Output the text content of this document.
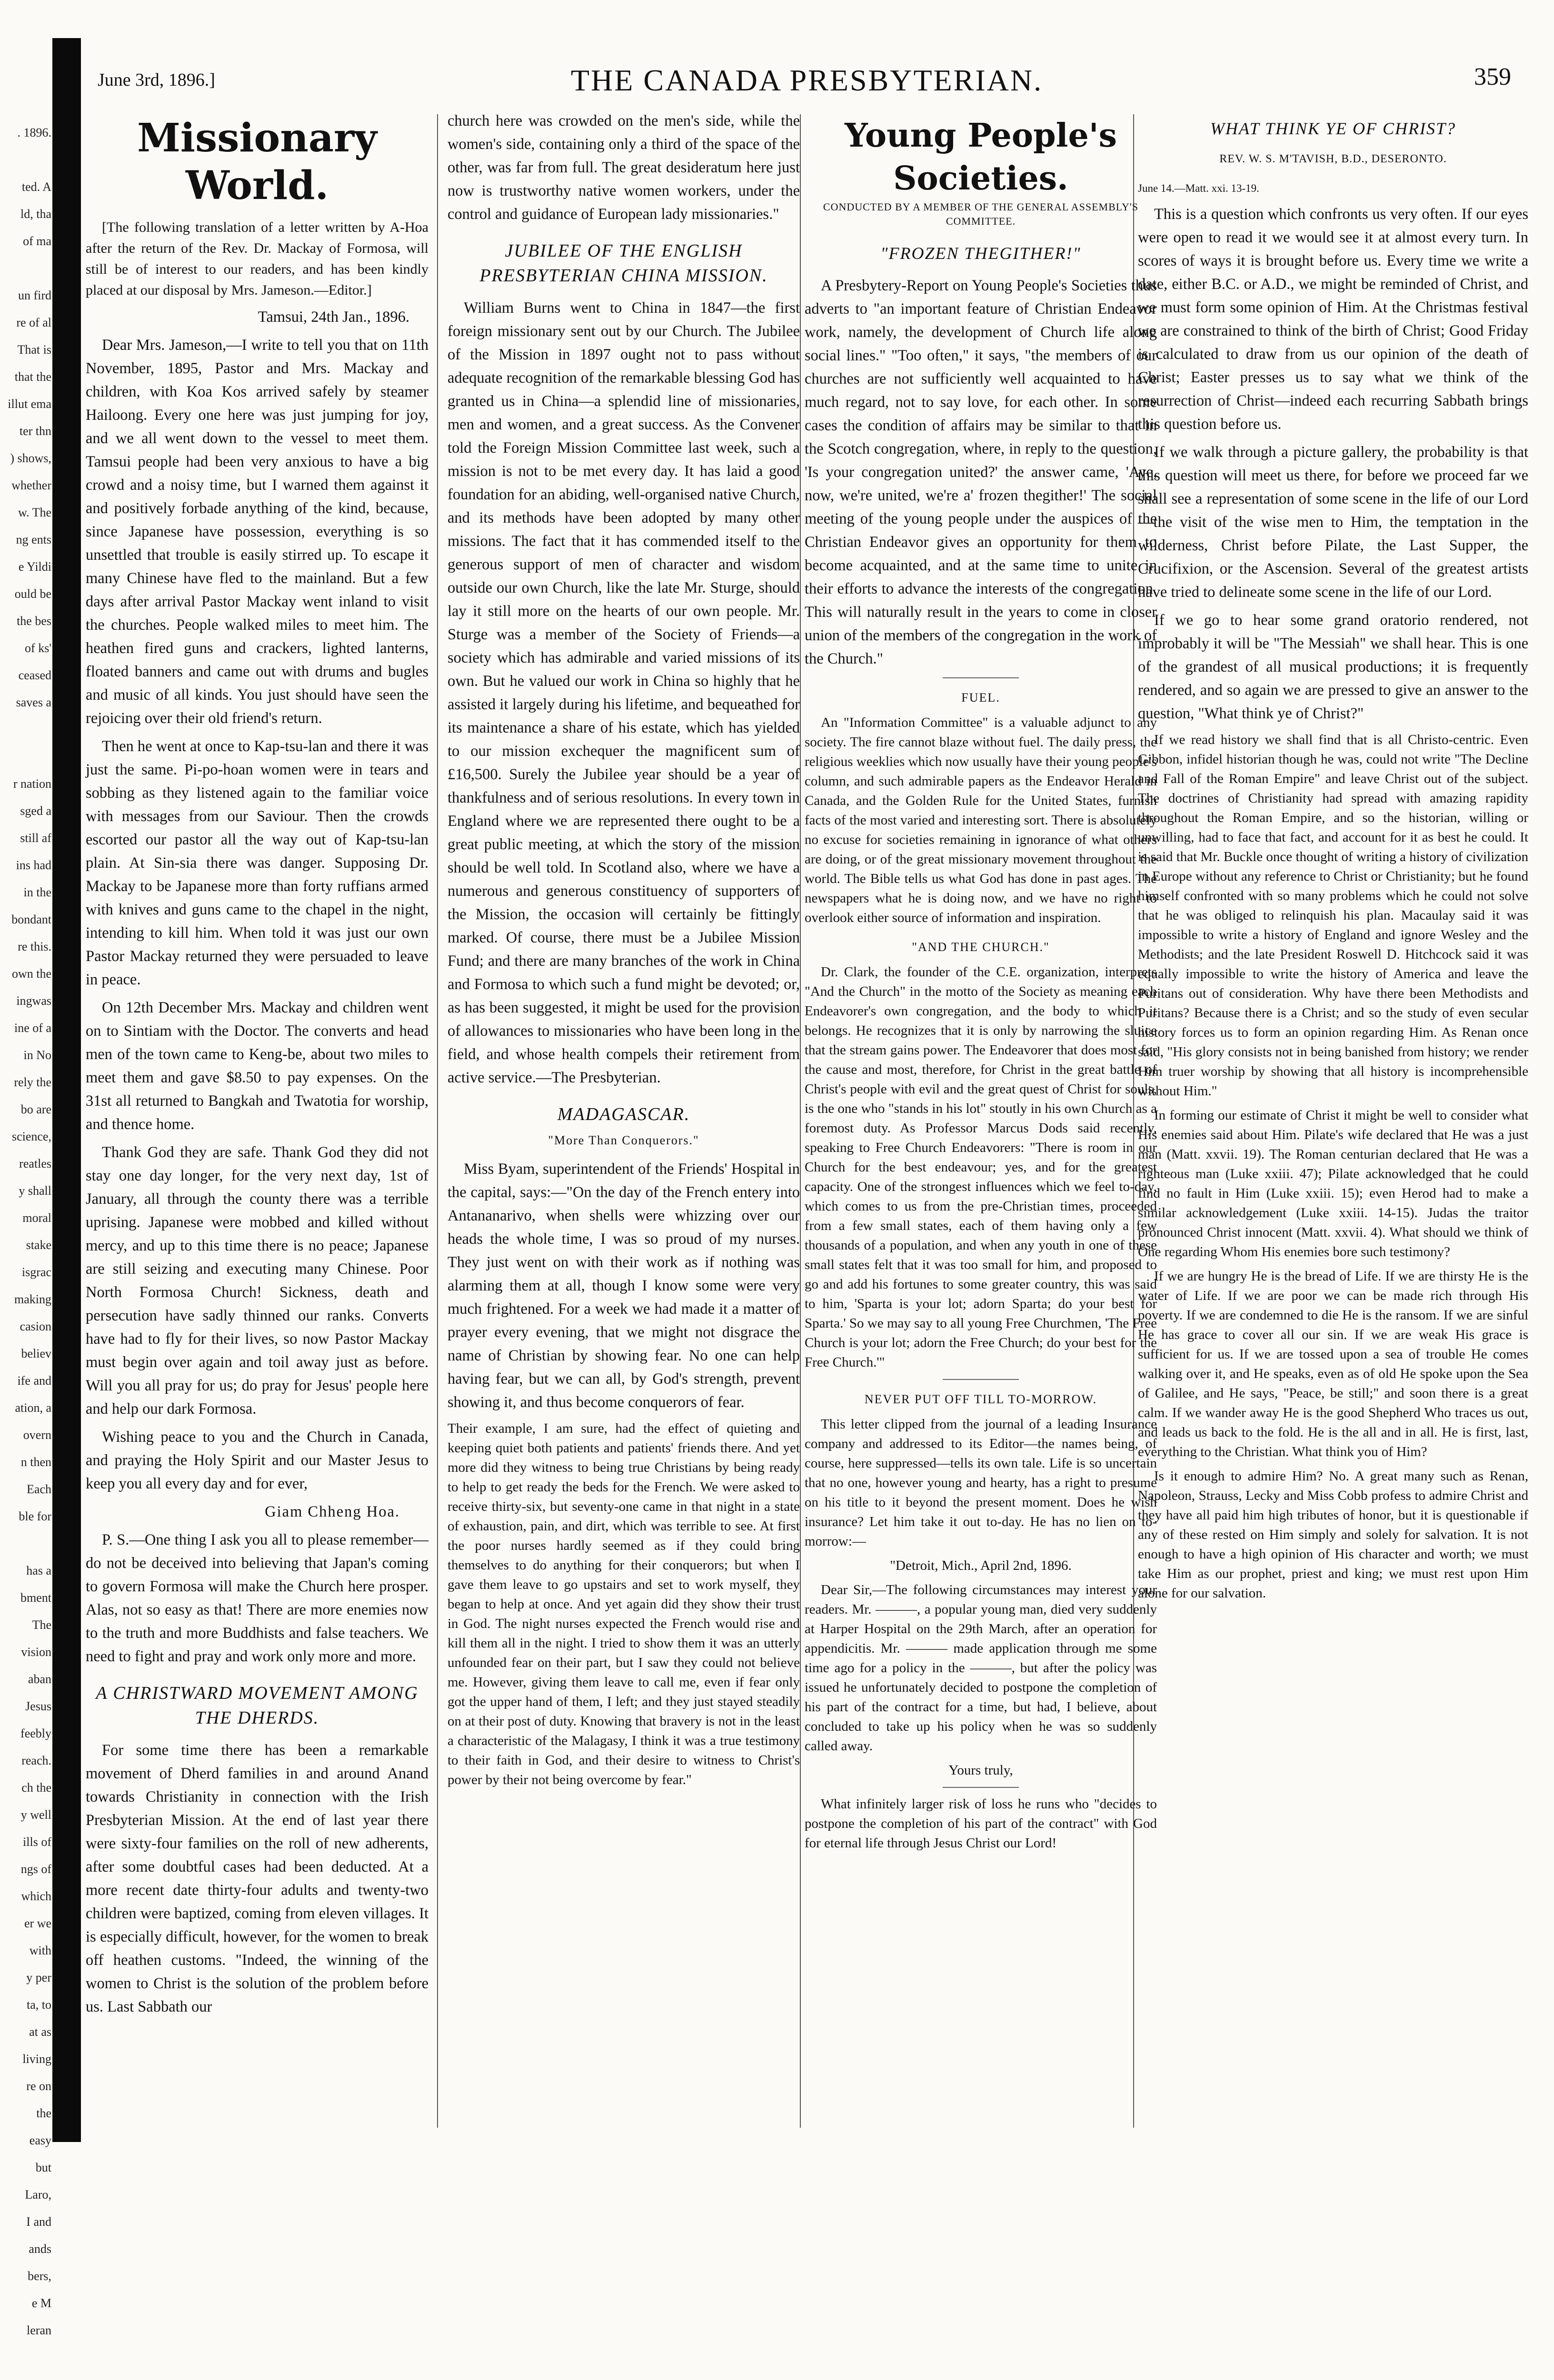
. 1896.

ted. A
ld, tha
of ma

un fird
re of al
That is
that the
illut ema
ter thn
) shows,
whether
w. The
ng ents
e Yildi
ould be
the bes
of ks'
ceased
saves a

r nation
sged a
still af
ins had
in the
bondant
re this.
own the
ingwas
ine of a
in No
rely the
bo are
science,
reatles
y shall
moral
stake
isgrac
making
casion
believ
ife and
ation, a
overn
n then
Each
ble for

has a
bment
The
vision
aban
Jesus
feebly
reach.
ch the
y well
ills of
ngs of
which
er we
with
y per
ta, to
at as
living
re on
the
easy
but
Laro,
I and
ands
bers,
e M
leran

June 3rd, 1896.]	THE CANADA PRESBYTERIAN.	359
Missionary World.

[The following translation of a letter written by A-Hoa after the return of the Rev. Dr. Mackay of Formosa, will still be of interest to our readers, and has been kindly placed at our disposal by Mrs. Jameson.—Editor.]

Tamsui, 24th Jan., 1896.

Dear Mrs. Jameson,—I write to tell you that on 11th November, 1895, Pastor and Mrs. Mackay and children, with Koa Kos arrived safely by steamer Hailoong. Every one here was just jumping for joy, and we all went down to the vessel to meet them. Tamsui people had been very anxious to have a big crowd and a noisy time, but I warned them against it and positively forbade anything of the kind, because, since Japanese have possession, everything is so unsettled that trouble is easily stirred up. To escape it many Chinese have fled to the mainland. But a few days after arrival Pastor Mackay went inland to visit the churches. People walked miles to meet him. The heathen fired guns and crackers, lighted lanterns, floated banners and came out with drums and bugles and music of all kinds. You just should have seen the rejoicing over their old friend's return.

Then he went at once to Kap-tsu-lan and there it was just the same. Pi-po-hoan women were in tears and sobbing as they listened again to the familiar voice with messages from our Saviour. Then the crowds escorted our pastor all the way out of Kap-tsu-lan plain. At Sin-sia there was danger. Supposing Dr. Mackay to be Japanese more than forty ruffians armed with knives and guns came to the chapel in the night, intending to kill him. When told it was just our own Pastor Mackay returned they were persuaded to leave in peace.

On 12th December Mrs. Mackay and children went on to Sintiam with the Doctor. The converts and head men of the town came to Keng-be, about two miles to meet them and gave $8.50 to pay expenses. On the 31st all returned to Bangkah and Twatotia for worship, and thence home.

Thank God they are safe. Thank God they did not stay one day longer, for the very next day, 1st of January, all through the county there was a terrible uprising. Japanese were mobbed and killed without mercy, and up to this time there is no peace; Japanese are still seizing and executing many Chinese. Poor North Formosa Church! Sickness, death and persecution have sadly thinned our ranks. Converts have had to fly for their lives, so now Pastor Mackay must begin over again and toil away just as before. Will you all pray for us; do pray for Jesus' people here and help our dark Formosa.

Wishing peace to you and the Church in Canada, and praying the Holy Spirit and our Master Jesus to keep you all every day and for ever,

Giam Chheng Hoa.

P. S.—One thing I ask you all to please remember—do not be deceived into believing that Japan's coming to govern Formosa will make the Church here prosper. Alas, not so easy as that! There are more enemies now to the truth and more Buddhists and false teachers. We need to fight and pray and work only more and more.

A CHRISTWARD MOVEMENT AMONG THE DHERDS.

For some time there has been a remarkable movement of Dherd families in and around Anand towards Christianity in connection with the Irish Presbyterian Mission. At the end of last year there were sixty-four families on the roll of new adherents, after some doubtful cases had been deducted. At a more recent date thirty-four adults and twenty-two children were baptized, coming from eleven villages. It is especially difficult, however, for the women to break off heathen customs. "Indeed, the winning of the women to Christ is the solution of the problem before us. Last Sabbath our

church here was crowded on the men's side, while the women's side, containing only a third of the space of the other, was far from full. The great desideratum here just now is trustworthy native women workers, under the control and guidance of European lady missionaries."

JUBILEE OF THE ENGLISH PRESBYTERIAN CHINA MISSION.

William Burns went to China in 1847—the first foreign missionary sent out by our Church. The Jubilee of the Mission in 1897 ought not to pass without adequate recognition of the remarkable blessing God has granted us in China—a splendid line of missionaries, men and women, and a great success. As the Convener told the Foreign Mission Committee last week, such a mission is not to be met every day. It has laid a good foundation for an abiding, well-organised native Church, and its methods have been adopted by many other missions. The fact that it has commended itself to the generous support of men of character and wisdom outside our own Church, like the late Mr. Sturge, should lay it still more on the hearts of our own people. Mr. Sturge was a member of the Society of Friends—a society which has admirable and varied missions of its own. But he valued our work in China so highly that he assisted it largely during his lifetime, and bequeathed for its maintenance a share of his estate, which has yielded to our mission exchequer the magnificent sum of £16,500. Surely the Jubilee year should be a year of thankfulness and of serious resolutions. In every town in England where we are represented there ought to be a great public meeting, at which the story of the mission should be well told. In Scotland also, where we have a numerous and generous constituency of supporters of the Mission, the occasion will certainly be fittingly marked. Of course, there must be a Jubilee Mission Fund; and there are many branches of the work in China and Formosa to which such a fund might be devoted; or, as has been suggested, it might be used for the provision of allowances to missionaries who have been long in the field, and whose health compels their retirement from active service.—The Presbyterian.

MADAGASCAR.
"More Than Conquerors."

Miss Byam, superintendent of the Friends' Hospital in the capital, says:—"On the day of the French entery into Antananarivo, when shells were whizzing over our heads the whole time, I was so proud of my nurses. They just went on with their work as if nothing was alarming them at all, though I know some were very much frightened. For a week we had made it a matter of prayer every evening, that we might not disgrace the name of Christian by showing fear. No one can help having fear, but we can all, by God's strength, prevent showing it, and thus become conquerors of fear.

Their example, I am sure, had the effect of quieting and keeping quiet both patients and patients' friends there. And yet more did they witness to being true Christians by being ready to help to get ready the beds for the French. We were asked to receive thirty-six, but seventy-one came in that night in a state of exhaustion, pain, and dirt, which was terrible to see. At first the poor nurses hardly seemed as if they could bring themselves to do anything for their conquerors; but when I gave them leave to go upstairs and set to work myself, they began to help at once. And yet again did they show their trust in God. The night nurses expected the French would rise and kill them all in the night. I tried to show them it was an utterly unfounded fear on their part, but I saw they could not believe me. However, giving them leave to call me, even if fear only got the upper hand of them, I left; and they just stayed steadily on at their post of duty. Knowing that bravery is not in the least a characteristic of the Malagasy, I think it was a true testimony to their faith in God, and their desire to witness to Christ's power by their not being overcome by fear."

Young People's Societies.
CONDUCTED BY A MEMBER OF THE GENERAL ASSEMBLY'S COMMITTEE.
"FROZEN THEGITHER!"

A Presbytery-Report on Young People's Societies thus adverts to "an important feature of Christian Endeavor work, namely, the development of Church life along social lines." "Too often," it says, "the members of our churches are not sufficiently well acquainted to have much regard, not to say love, for each other. In some cases the condition of affairs may be similar to that in the Scotch congregation, where, in reply to the question, 'Is your congregation united?' the answer came, 'Aye, now, we're united, we're a' frozen thegither!' The social meeting of the young people under the auspices of the Christian Endeavor gives an opportunity for them to become acquainted, and at the same time to unite in their efforts to advance the interests of the congregation. This will naturally result in the years to come in closer union of the members of the congregation in the work of the Church."

FUEL.

An "Information Committee" is a valuable adjunct to any society. The fire cannot blaze without fuel. The daily press, the religious weeklies which now usually have their young people's column, and such admirable papers as the Endeavor Herald in Canada, and the Golden Rule for the United States, furnish facts of the most varied and interesting sort. There is absolutely no excuse for societies remaining in ignorance of what others are doing, or of the great missionary movement throughout the world. The Bible tells us what God has done in past ages. The newspapers what he is doing now, and we have no right to overlook either source of information and inspiration.

"AND THE CHURCH."

Dr. Clark, the founder of the C.E. organization, interprets "And the Church" in the motto of the Society as meaning each Endeavorer's own congregation, and the body to which it belongs. He recognizes that it is only by narrowing the sluice that the stream gains power. The Endeavorer that does most for the cause and most, therefore, for Christ in the great battle of Christ's people with evil and the great quest of Christ for souls, is the one who "stands in his lot" stoutly in his own Church as a foremost duty. As Professor Marcus Dods said recently, speaking to Free Church Endeavorers: "There is room in our Church for the best endeavour; yes, and for the greatest capacity. One of the strongest influences which we feel to-day, which comes to us from the pre-Christian times, proceeded from a few small states, each of them having only a few thousands of a population, and when any youth in one of these small states felt that it was too small for him, and proposed to go and add his fortunes to some greater country, this was said to him, 'Sparta is your lot; adorn Sparta; do your best for Sparta.' So we may say to all young Free Churchmen, 'The Free Church is your lot; adorn the Free Church; do your best for the Free Church.'"

NEVER PUT OFF TILL TO-MORROW.

This letter clipped from the journal of a leading Insurance company and addressed to its Editor—the names being, of course, here suppressed—tells its own tale. Life is so uncertain that no one, however young and hearty, has a right to presume on his title to it beyond the present moment. Does he wish insurance? Let him take it out to-day. He has no lien on to-morrow:—

"Detroit, Mich., April 2nd, 1896.

Dear Sir,—The following circumstances may interest your readers. Mr. ———, a popular young man, died very suddenly at Harper Hospital on the 29th March, after an operation for appendicitis. Mr. ——— made application through me some time ago for a policy in the ———, but after the policy was issued he unfortunately decided to postpone the completion of his part of the contract for a time, but had, I believe, about concluded to take up his policy when he was so suddenly called away.

Yours truly,

What infinitely larger risk of loss he runs who "decides to postpone the completion of his part of the contract" with God for eternal life through Jesus Christ our Lord!

WHAT THINK YE OF CHRIST?
REV. W. S. M'TAVISH, B.D., DESERONTO.

June 14.—Matt. xxi. 13-19.

This is a question which confronts us very often. If our eyes were open to read it we would see it at almost every turn. In scores of ways it is brought before us. Every time we write a date, either B.C. or A.D., we might be reminded of Christ, and we must form some opinion of Him. At the Christmas festival we are constrained to think of the birth of Christ; Good Friday is calculated to draw from us our opinion of the death of Christ; Easter presses us to say what we think of the resurrection of Christ—indeed each recurring Sabbath brings this question before us.

If we walk through a picture gallery, the probability is that this question will meet us there, for before we proceed far we shall see a representation of some scene in the life of our Lord—the visit of the wise men to Him, the temptation in the wilderness, Christ before Pilate, the Last Supper, the Crucifixion, or the Ascension. Several of the greatest artists have tried to delineate some scene in the life of our Lord.

If we go to hear some grand oratorio rendered, not improbably it will be "The Messiah" we shall hear. This is one of the grandest of all musical productions; it is frequently rendered, and so again we are pressed to give an answer to the question, "What think ye of Christ?"

If we read history we shall find that is all Christo-centric. Even Gibbon, infidel historian though he was, could not write "The Decline and Fall of the Roman Empire" and leave Christ out of the subject. The doctrines of Christianity had spread with amazing rapidity throughout the Roman Empire, and so the historian, willing or unwilling, had to face that fact, and account for it as best he could. It is said that Mr. Buckle once thought of writing a history of civilization in Europe without any reference to Christ or Christianity; but he found himself confronted with so many problems which he could not solve that he was obliged to relinquish his plan. Macaulay said it was impossible to write a history of England and ignore Wesley and the Methodists; and the late President Roswell D. Hitchcock said it was equally impossible to write the history of America and leave the Puritans out of consideration. Why have there been Methodists and Puritans? Because there is a Christ; and so the study of even secular history forces us to form an opinion regarding Him. As Renan once said, "His glory consists not in being banished from history; we render Him truer worship by showing that all history is incomprehensible without Him."

In forming our estimate of Christ it might be well to consider what His enemies said about Him. Pilate's wife declared that He was a just man (Matt. xxvii. 19). The Roman centurian declared that He was a righteous man (Luke xxiii. 47); Pilate acknowledged that he could find no fault in Him (Luke xxiii. 15); even Herod had to make a similar acknowledgement (Luke xxiii. 14-15). Judas the traitor pronounced Christ innocent (Matt. xxvii. 4). What should we think of One regarding Whom His enemies bore such testimony?

If we are hungry He is the bread of Life. If we are thirsty He is the water of Life. If we are poor we can be made rich through His poverty. If we are condemned to die He is the ransom. If we are sinful He has grace to cover all our sin. If we are weak His grace is sufficient for us. If we are tossed upon a sea of trouble He comes walking over it, and He speaks, even as of old He spoke upon the Sea of Galilee, and He says, "Peace, be still;" and soon there is a great calm. If we wander away He is the good Shepherd Who traces us out, and leads us back to the fold. He is the all and in all. He is first, last, everything to the Christian. What think you of Him?

Is it enough to admire Him? No. A great many such as Renan, Napoleon, Strauss, Lecky and Miss Cobb profess to admire Christ and they have all paid him high tributes of honor, but it is questionable if any of these rested on Him simply and solely for salvation. It is not enough to have a high opinion of His character and worth; we must take Him as our prophet, priest and king; we must rest upon Him alone for our salvation.
